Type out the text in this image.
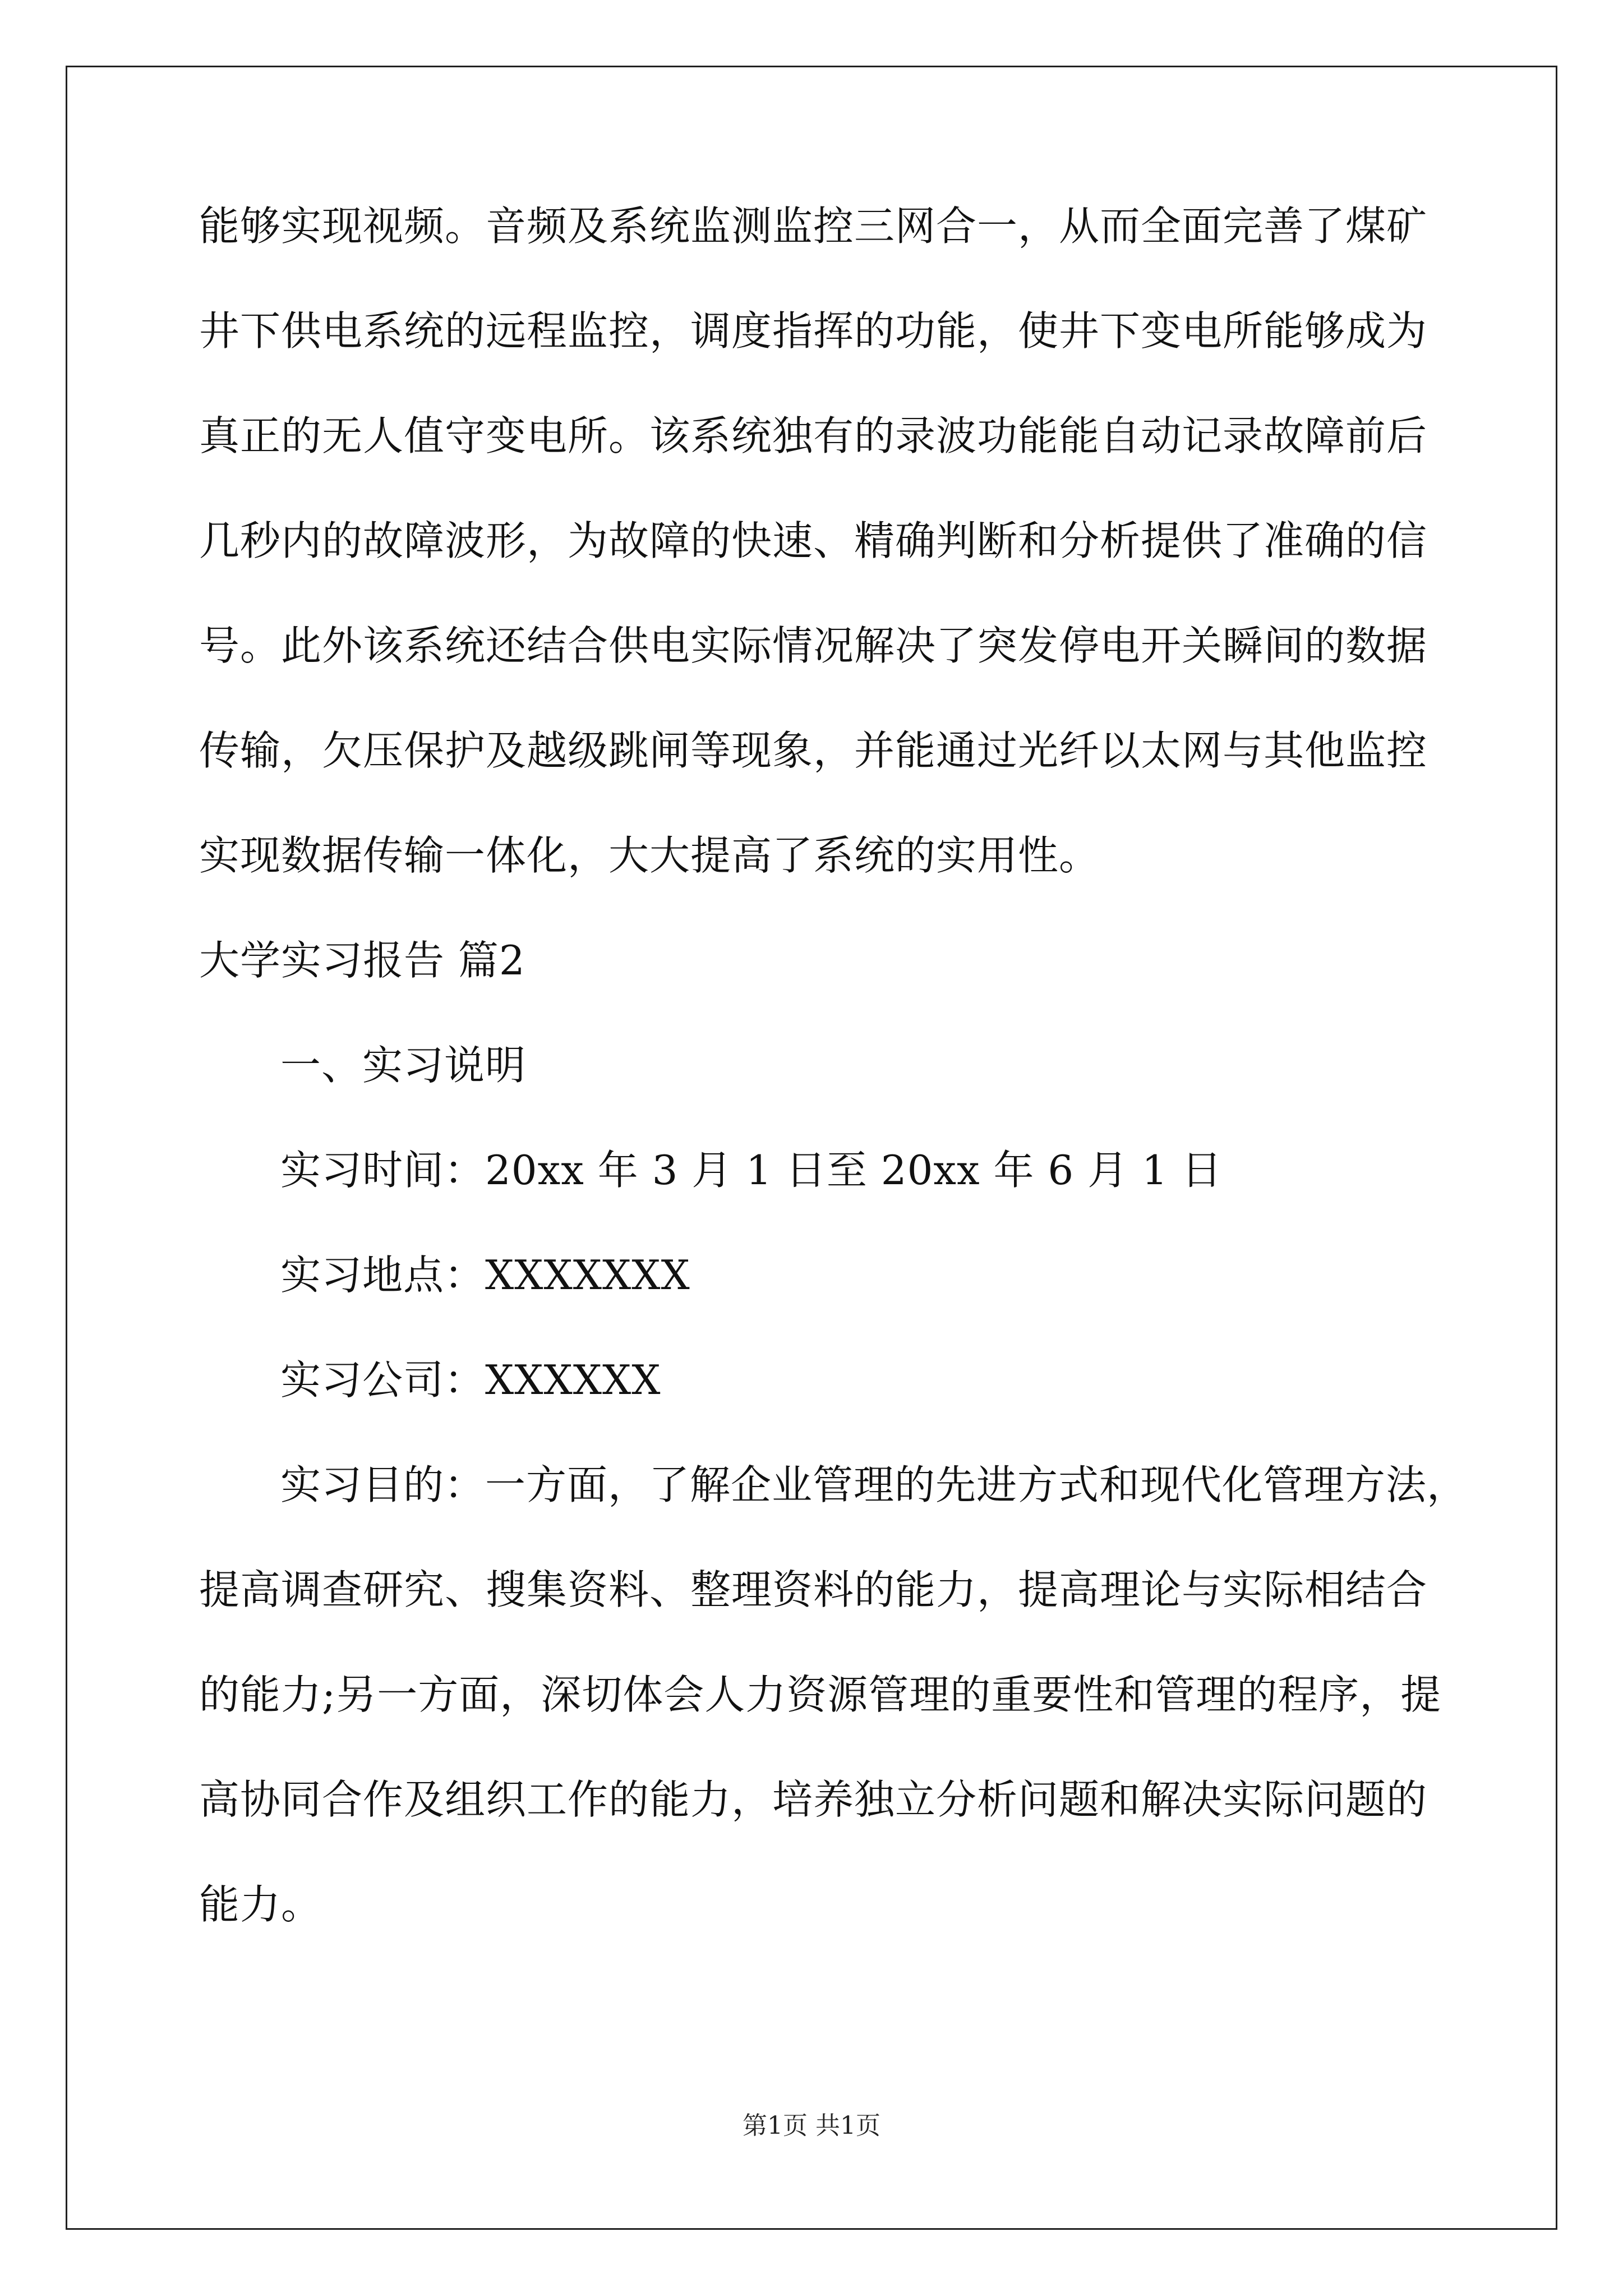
能够实现视频。音频及系统监测监控三网合一，从而全面完善了煤矿
井下供电系统的远程监控，调度指挥的功能，使井下变电所能够成为
真正的无人值守变电所。该系统独有的录波功能能自动记录故障前后
几秒内的故障波形，为故障的快速、精确判断和分析提供了准确的信
号。此外该系统还结合供电实际情况解决了突发停电开关瞬间的数据
传输，欠压保护及越级跳闸等现象，并能通过光纤以太网与其他监控
实现数据传输一体化，大大提高了系统的实用性。
大学实习报告 篇2
一、实习说明
实习时间：20xx 年 3 月 1 日至 20xx 年 6 月 1 日
实习地点：XXXXXXX
实习公司：XXXXXX
实习目的：一方面，了解企业管理的先进方式和现代化管理方法，
提高调查研究、搜集资料、整理资料的能力，提高理论与实际相结合
的能力;另一方面，深切体会人力资源管理的重要性和管理的程序，提
高协同合作及组织工作的能力，培养独立分析问题和解决实际问题的
能力。
第1页 共1页
